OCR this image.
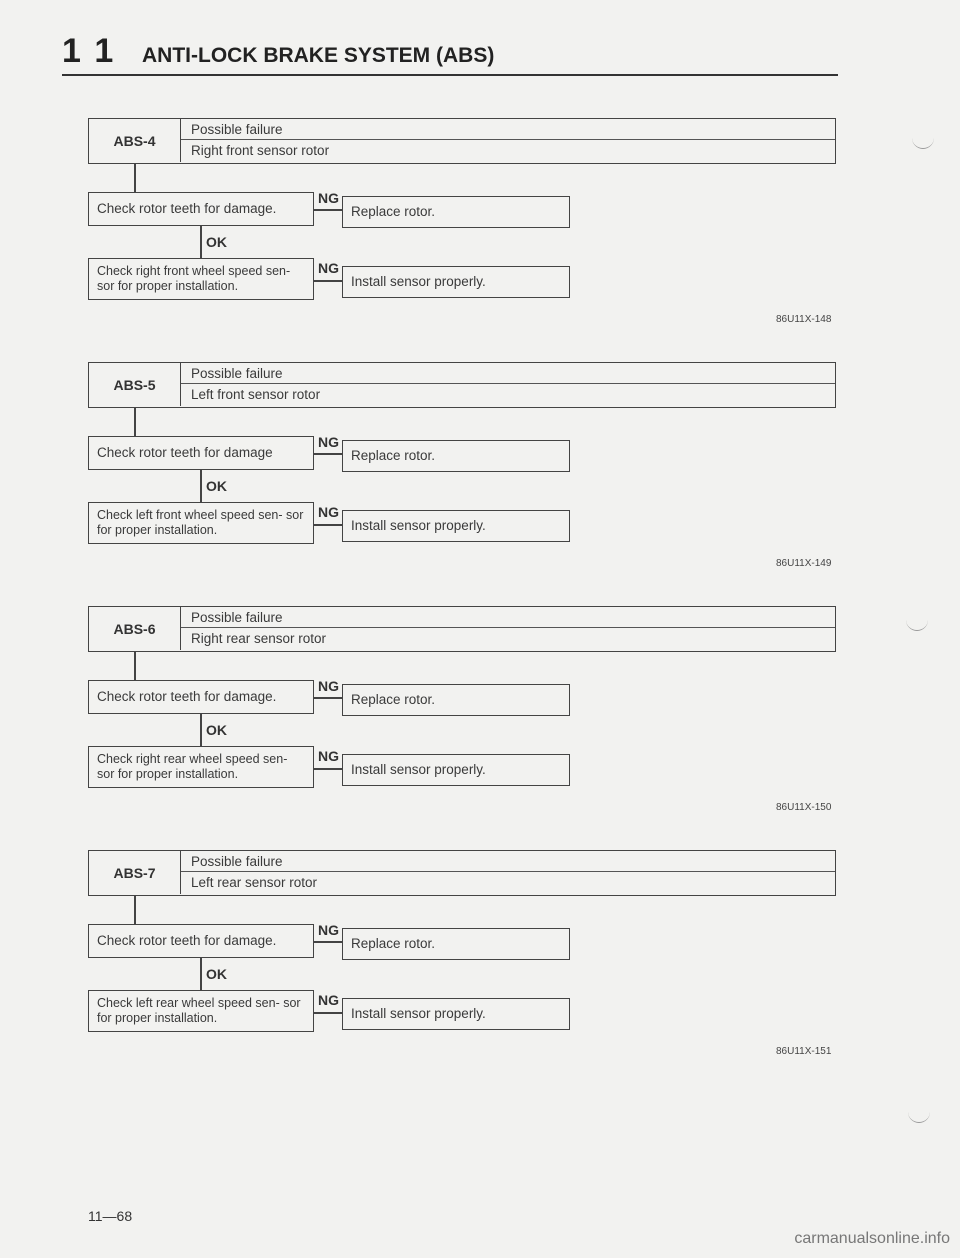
1 1 ANTI-LOCK BRAKE SYSTEM (ABS)
ABS-4
Possible failure
Right front sensor rotor
Check rotor teeth for damage.
NG
Replace rotor.
OK
Check right front wheel speed sen- sor for proper installation.
NG
Install sensor properly.
86U11X-148
ABS-5
Possible failure
Left front sensor rotor
Check rotor teeth for damage
NG
Replace rotor.
OK
Check left front wheel speed sen- sor for proper installation.
NG
Install sensor properly.
86U11X-149
ABS-6
Possible failure
Right rear sensor rotor
Check rotor teeth for damage.
NG
Replace rotor.
OK
Check right rear wheel speed sen- sor for proper installation.
NG
Install sensor properly.
86U11X-150
ABS-7
Possible failure
Left rear sensor rotor
Check rotor teeth for damage.
NG
Replace rotor.
OK
Check left rear wheel speed sen- sor for proper installation.
NG
Install sensor properly.
86U11X-151
11—68
carmanualsonline.info
